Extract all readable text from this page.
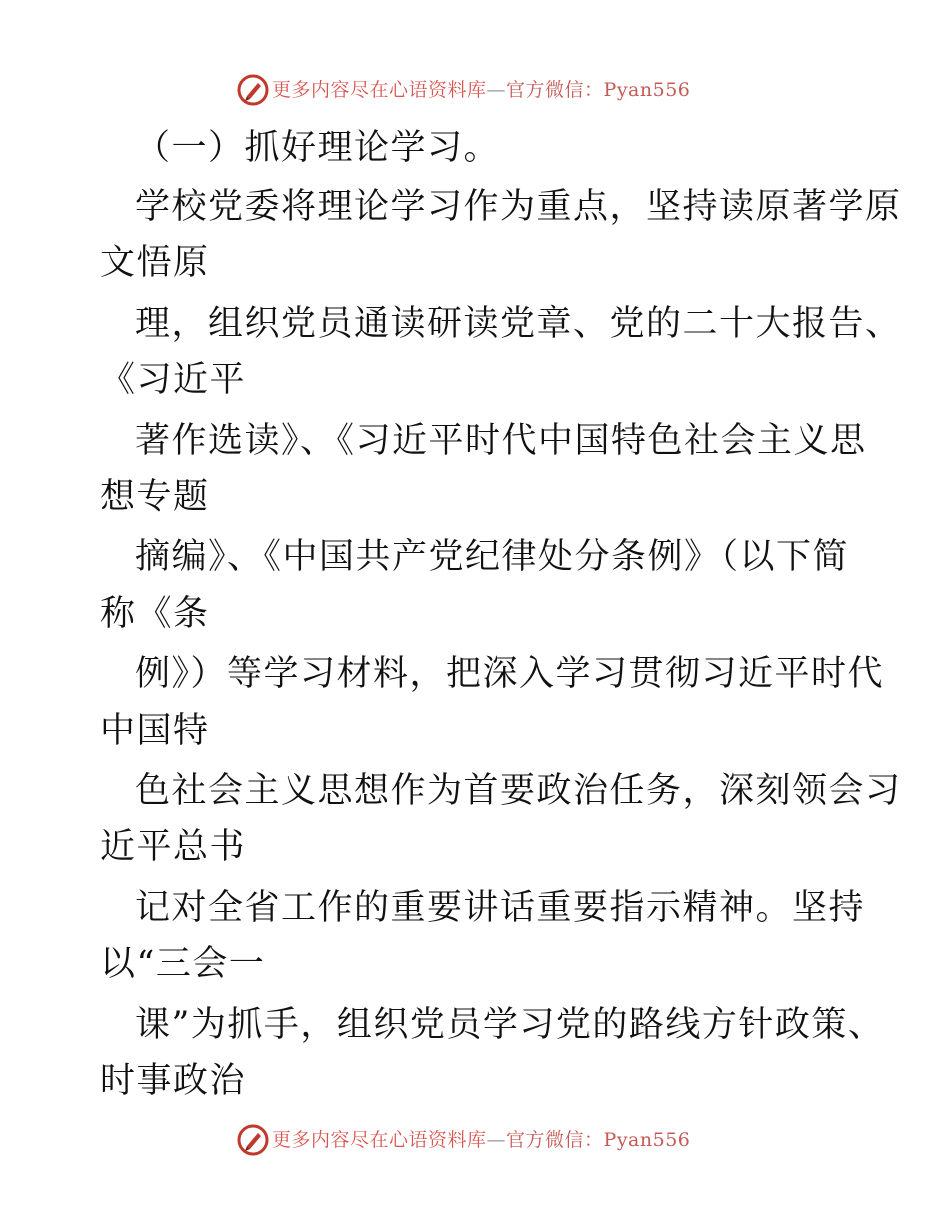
更多内容尽在心语资料库—官方微信：Pyan556
（一）抓好理论学习。
学校党委将理论学习作为重点，坚持读原著学原
文悟原
理，组织党员通读研读党章、党的二十大报告、
《习近平
著作选读》、《习近平时代中国特色社会主义思
想专题
摘编》、《中国共产党纪律处分条例》（以下简
称《条
例》）等学习材料，把深入学习贯彻习近平时代
中国特
色社会主义思想作为首要政治任务，深刻领会习
近平总书
记对全省工作的重要讲话重要指示精神。坚持
以“三会一
课”为抓手，组织党员学习党的路线方针政策、
时事政治
更多内容尽在心语资料库—官方微信：Pyan556
